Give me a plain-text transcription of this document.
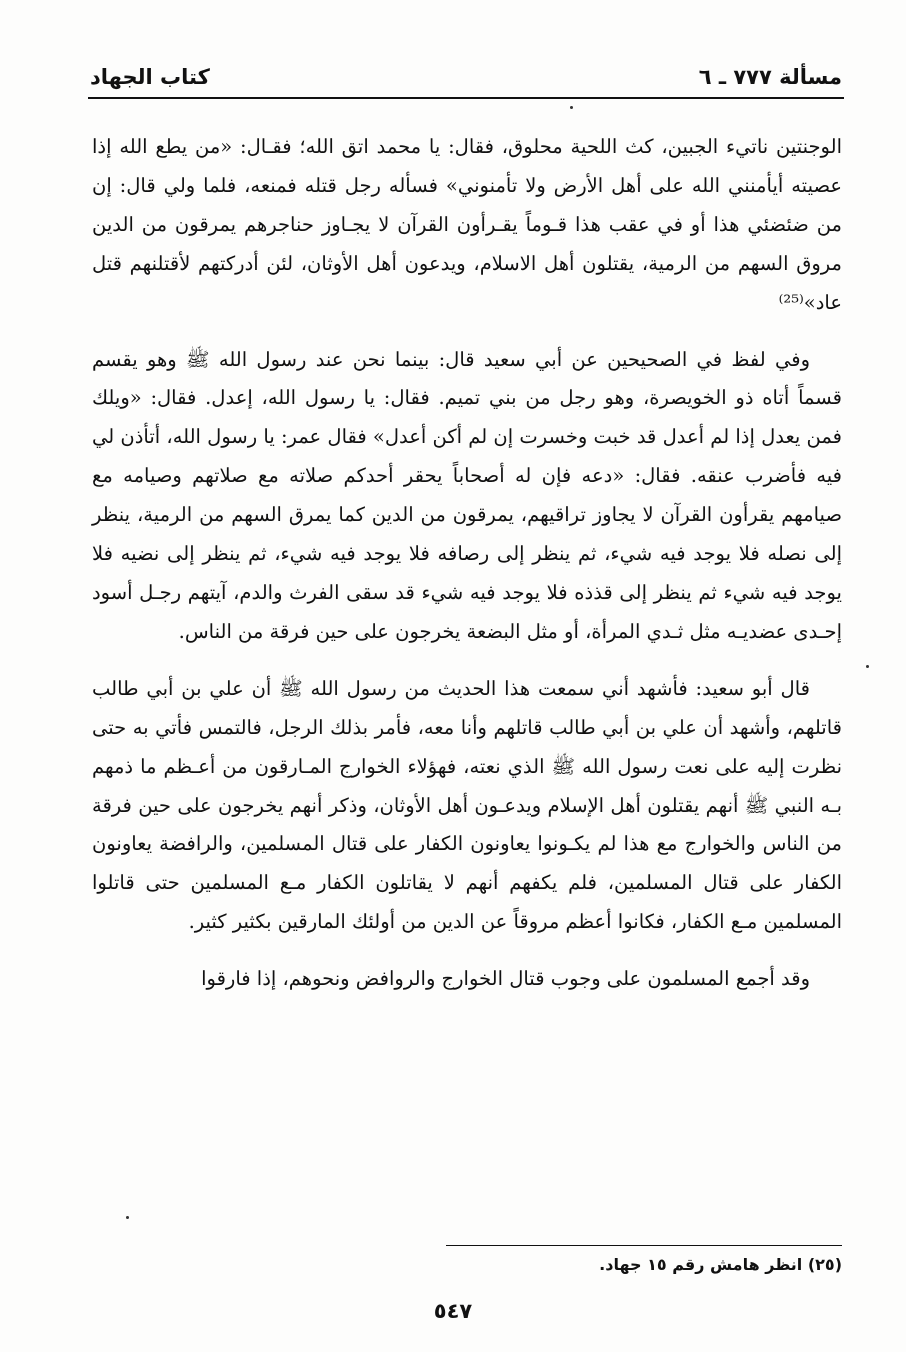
مسألة ٧٧٧ ـ ٦
كتاب الجهاد

الوجنتين ناتيء الجبين، كث اللحية محلوق، فقال: يا محمد اتق الله؛ فقـال: «من يطع الله إذا عصيته أيأمنني الله على أهل الأرض ولا تأمنوني» فسأله رجل قتله فمنعه، فلما ولي قال: إن من ضئضئي هذا أو في عقب هذا قـوماً يقـرأون القرآن لا يجـاوز حناجرهم يمرقون من الدين مروق السهم من الرمية، يقتلون أهل الاسلام، ويدعون أهل الأوثان، لئن أدركتهم لأقتلنهم قتل عاد»⁽²⁵⁾

وفي لفظ في الصحيحين عن أبي سعيد قال: بينما نحن عند رسول الله ﷺ وهو يقسم قسماً أتاه ذو الخويصرة، وهو رجل من بني تميم. فقال: يا رسول الله، إعدل. فقال: «ويلك فمن يعدل إذا لم أعدل قد خبت وخسرت إن لم أكن أعدل» فقال عمر: يا رسول الله، أتأذن لي فيه فأضرب عنقه. فقال: «دعه فإن له أصحاباً يحقر أحدكم صلاته مع صلاتهم وصيامه مع صيامهم يقرأون القرآن لا يجاوز تراقيهم، يمرقون من الدين كما يمرق السهم من الرمية، ينظر إلى نصله فلا يوجد فيه شيء، ثم ينظر إلى رصافه فلا يوجد فيه شيء، ثم ينظر إلى نضيه فلا يوجد فيه شيء ثم ينظر إلى قذذه فلا يوجد فيه شيء قد سقى الفرث والدم، آيتهم رجـل أسود إحـدى عضديـه مثل ثـدي المرأة، أو مثل البضعة يخرجون على حين فرقة من الناس.

قال أبو سعيد: فأشهد أني سمعت هذا الحديث من رسول الله ﷺ أن علي بن أبي طالب قاتلهم، وأشهد أن علي بن أبي طالب قاتلهم وأنا معه، فأمر بذلك الرجل، فالتمس فأتي به حتى نظرت إليه على نعت رسول الله ﷺ الذي نعته، فهؤلاء الخوارج المـارقون من أعـظم ما ذمهم بـه النبي ﷺ أنهم يقتلون أهل الإسلام ويدعـون أهل الأوثان، وذكر أنهم يخرجون على حين فرقة من الناس والخوارج مع هذا لم يكـونوا يعاونون الكفار على قتال المسلمين، والرافضة يعاونون الكفار على قتال المسلمين، فلم يكفهم أنهم لا يقاتلون الكفار مـع المسلمين حتى قاتلوا المسلمين مـع الكفار، فكانوا أعظم مروقاً عن الدين من أولئك المارقين بكثير كثير.

وقد أجمع المسلمون على وجوب قتال الخوارج والروافض ونحوهم، إذا فارقوا

(٢٥) انظر هامش رقم ١٥ جهاد.
٥٤٧
